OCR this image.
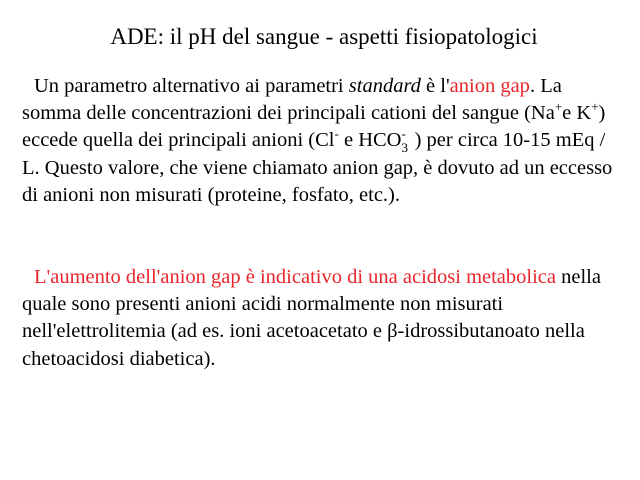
ADE: il pH del sangue - aspetti fisiopatologici

Un parametro alternativo ai parametri standard è l'anion gap. La somma delle concentrazioni dei principali cationi del sangue (Na+e K+) eccede quella dei principali anioni (Cl- e HCO -
3 ) per circa 10-15 mEq / L. Questo valore, che viene chiamato anion gap, è dovuto ad un eccesso di anioni non misurati (proteine, fosfato, etc.).

L'aumento dell'anion gap è indicativo di una acidosi metabolica nella quale sono presenti anioni acidi normalmente non misurati nell'elettrolitemia (ad es. ioni acetoacetato e β-idrossibutanoato nella chetoacidosi diabetica).
